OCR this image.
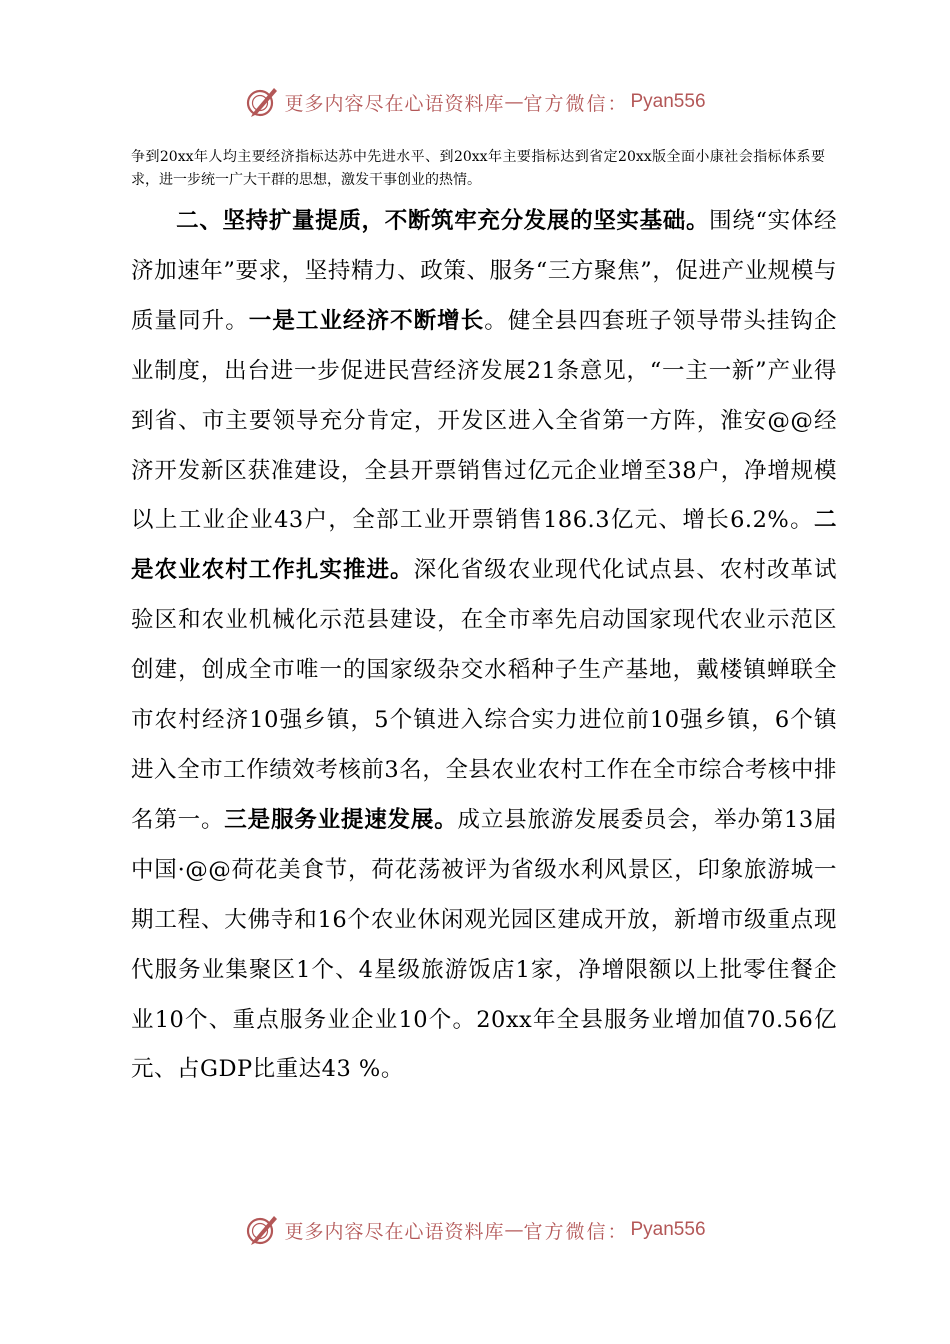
更多内容尽在心语资料库 — 官方微信： Pyan556

争到20xx年人均主要经济指标达苏中先进水平、到20xx年主要指标达到省定20xx版全面小康社会指标体系要求，进一步统一广大干群的思想，激发干事创业的热情。

二、坚持扩量提质，不断筑牢充分发展的坚实基础。围绕“实体经济加速年”要求，坚持精力、政策、服务“三方聚焦”，促进产业规模与质量同升。一是工业经济不断增长。健全县四套班子领导带头挂钩企业制度，出台进一步促进民营经济发展21条意见，“一主一新”产业得到省、市主要领导充分肯定，开发区进入全省第一方阵，淮安@@经济开发新区获准建设，全县开票销售过亿元企业增至38户，净增规模以上工业企业43户，全部工业开票销售186.3亿元、增长6.2%。二是农业农村工作扎实推进。深化省级农业现代化试点县、农村改革试验区和农业机械化示范县建设，在全市率先启动国家现代农业示范区创建，创成全市唯一的国家级杂交水稻种子生产基地，戴楼镇蝉联全市农村经济10强乡镇，5个镇进入综合实力进位前10强乡镇，6个镇进入全市工作绩效考核前3名，全县农业农村工作在全市综合考核中排名第一。三是服务业提速发展。成立县旅游发展委员会，举办第13届中国·@@荷花美食节，荷花荡被评为省级水利风景区，印象旅游城一期工程、大佛寺和16个农业休闲观光园区建成开放，新增市级重点现代服务业集聚区1个、4星级旅游饭店1家，净增限额以上批零住餐企业10个、重点服务业企业10个。20xx年全县服务业增加值70.56亿元、占GDP比重达43 %。

更多内容尽在心语资料库 — 官方微信： Pyan556
